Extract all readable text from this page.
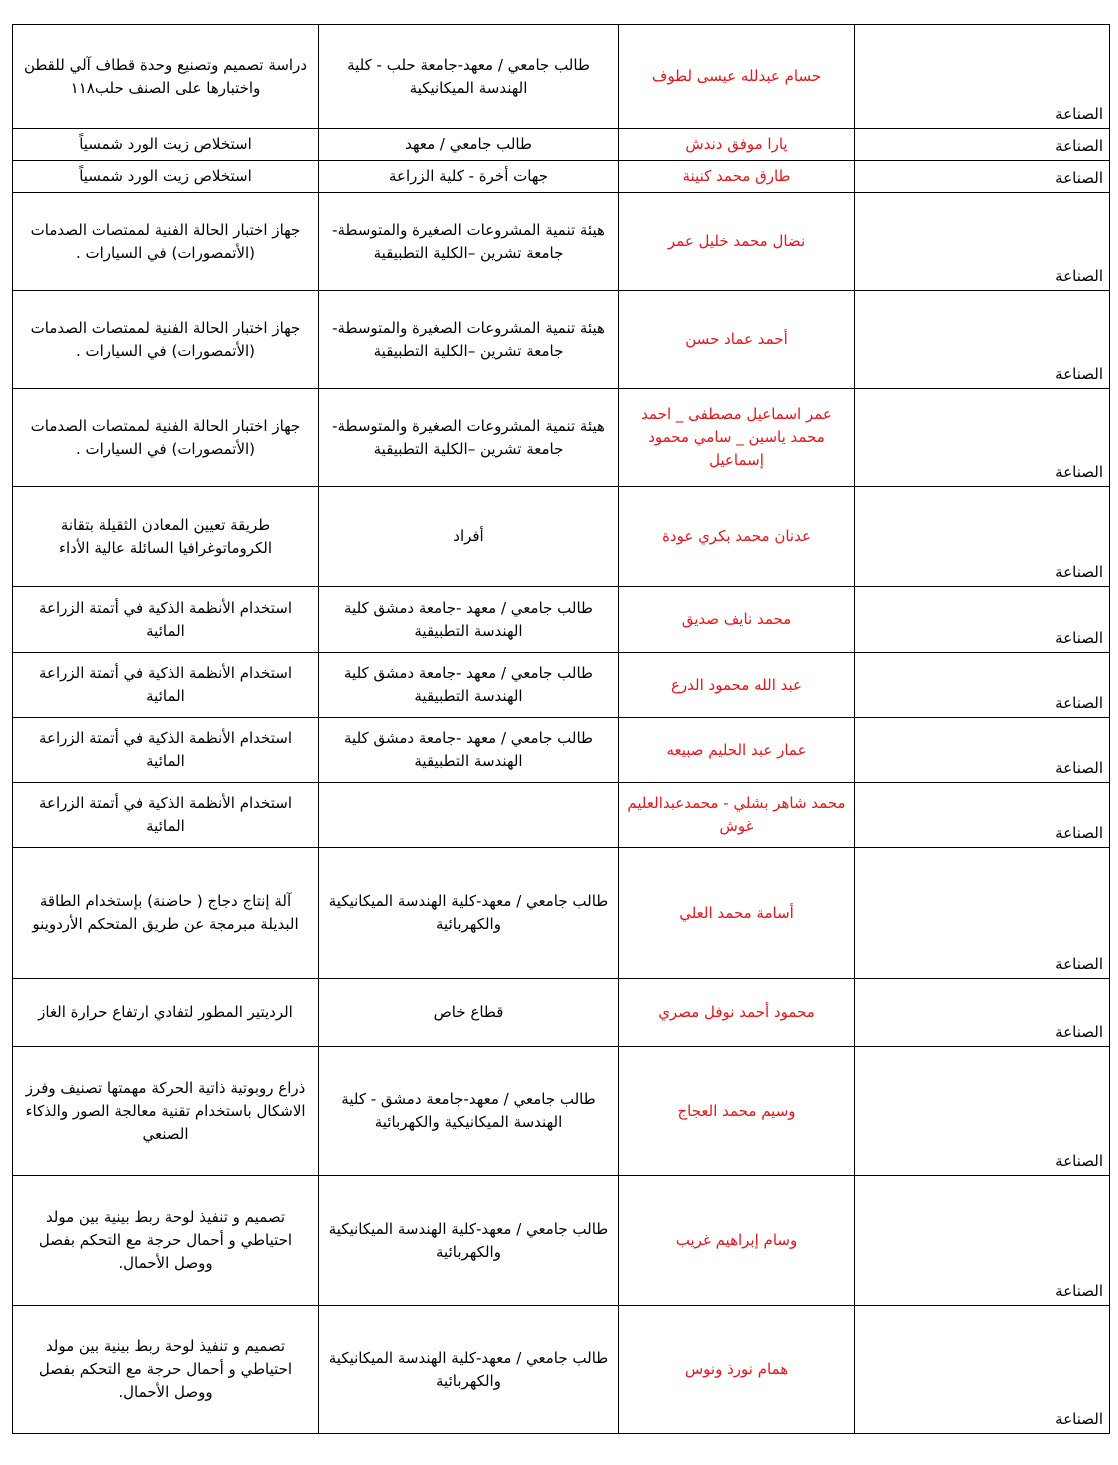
دراسة تصميم وتصنيع وحدة قطاف آلي للقطن واختبارها على الصنف حلب١١٨	طالب جامعي / معهد-جامعة حلب - كلية الهندسة الميكانيكية	حسام عبدلله عيسى لطوف	الصناعة
استخلاص زيت الورد شمسياً	طالب جامعي / معهد	يارا موفق دندش	الصناعة
استخلاص زيت الورد شمسياً	جهات أخرة - كلية الزراعة	طارق محمد كنينة	الصناعة
جهاز اختبار الحالة الفنية لممتصات الصدمات (الأتمصورات) في السيارات .	هيئة تنمية المشروعات الصغيرة والمتوسطة-جامعة تشرين –الكلية التطبيقية	نضال محمد خليل عمر	الصناعة
جهاز اختبار الحالة الفنية لممتصات الصدمات (الأتمصورات) في السيارات .	هيئة تنمية المشروعات الصغيرة والمتوسطة-جامعة تشرين –الكلية التطبيقية	أحمد عماد حسن	الصناعة
جهاز اختبار الحالة الفنية لممتصات الصدمات (الأتمصورات) في السيارات .	هيئة تنمية المشروعات الصغيرة والمتوسطة-جامعة تشرين –الكلية التطبيقية	عمر اسماعيل مصطفى _ احمد محمد ياسين _ سامي محمود إسماعيل	الصناعة
طريقة تعيين المعادن الثقيلة بتقانة الكروماتوغرافيا السائلة عالية الأداء	أفراد	عدنان محمد بكري عودة	الصناعة
استخدام الأنظمة الذكية في أتمتة الزراعة المائية	طالب جامعي / معهد -جامعة دمشق كلية الهندسة التطبيقية	محمد نايف صديق	الصناعة
استخدام الأنظمة الذكية في أتمتة الزراعة المائية	طالب جامعي / معهد -جامعة دمشق كلية الهندسة التطبيقية	عبد الله محمود الدرع	الصناعة
استخدام الأنظمة الذكية في أتمتة الزراعة المائية	طالب جامعي / معهد -جامعة دمشق كلية الهندسة التطبيقية	عمار عبد الحليم صبيعه	الصناعة
استخدام الأنظمة الذكية في أتمتة الزراعة المائية		محمد شاهر بشلي - محمدعبدالعليم غوش	الصناعة
آلة إنتاج دجاج ( حاضنة) بإستخدام الطاقة البديلة مبرمجة عن طريق المتحكم الأردوينو	طالب جامعي / معهد-كلية الهندسة الميكانيكية والكهربائية	أسامة محمد العلي	الصناعة
الرديتير المطور لتفادي ارتفاع حرارة الغاز	قطاع خاص	محمود أحمد نوفل مصري	الصناعة
ذراع روبوتية ذاتية الحركة مهمتها تصنيف وفرز الاشكال باستخدام تقنية معالجة الصور والذكاء الصنعي	طالب جامعي / معهد-جامعة دمشق - كلية الهندسة الميكانيكية والكهربائية	وسيم محمد العجاج	الصناعة
تصميم و تنفيذ لوحة ربط بينية بين مولد احتياطي و أحمال حرجة مع التحكم بفصل ووصل الأحمال.	طالب جامعي / معهد-كلية الهندسة الميكانيكية والكهربائية	وسام إبراهيم غريب	الصناعة
تصميم و تنفيذ لوحة ربط بينية بين مولد احتياطي و أحمال حرجة مع التحكم بفصل ووصل الأحمال.	طالب جامعي / معهد-كلية الهندسة الميكانيكية والكهربائية	همام نورذ ونوس	الصناعة
